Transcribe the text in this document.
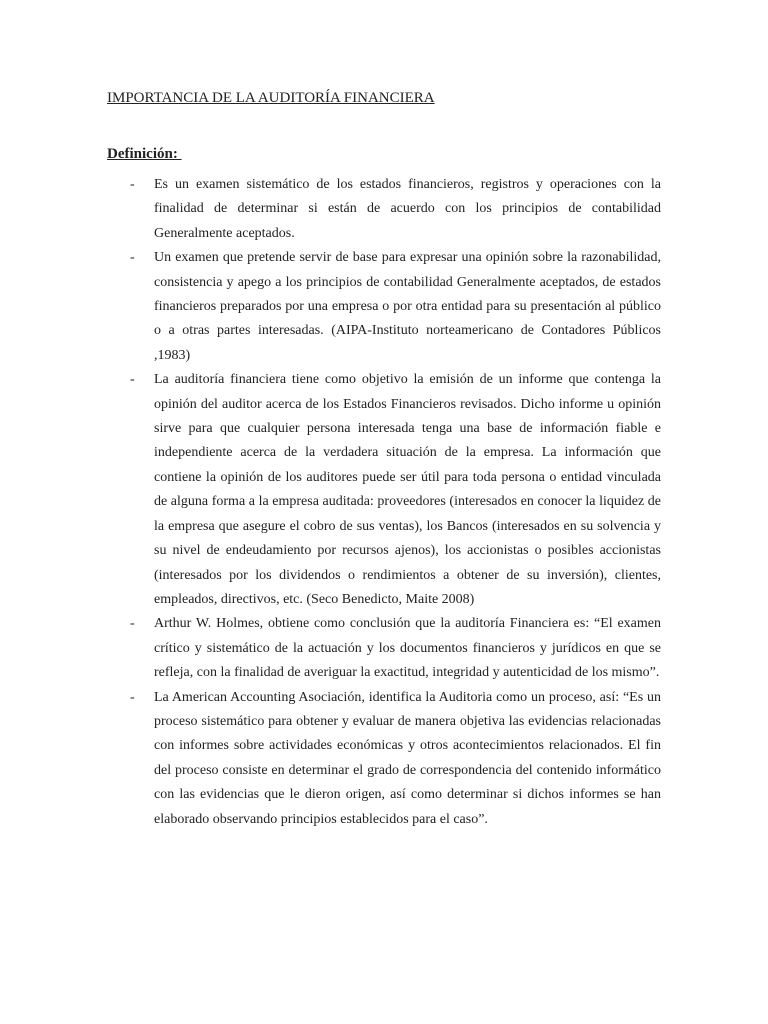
IMPORTANCIA DE LA AUDITORÍA FINANCIERA
Definición:
- Es un examen sistemático de los estados financieros, registros y operaciones con la finalidad de determinar si están de acuerdo con los principios de contabilidad Generalmente aceptados.
- Un examen que pretende servir de base para expresar una opinión sobre la razonabilidad, consistencia y apego a los principios de contabilidad Generalmente aceptados, de estados financieros preparados por una empresa o por otra entidad para su presentación al público o a otras partes interesadas. (AIPA-Instituto norteamericano de Contadores Públicos ,1983)
- La auditoría financiera tiene como objetivo la emisión de un informe que contenga la opinión del auditor acerca de los Estados Financieros revisados. Dicho informe u opinión sirve para que cualquier persona interesada tenga una base de información fiable e independiente acerca de la verdadera situación de la empresa. La información que contiene la opinión de los auditores puede ser útil para toda persona o entidad vinculada de alguna forma a la empresa auditada: proveedores (interesados en conocer la liquidez de la empresa que asegure el cobro de sus ventas), los Bancos (interesados en su solvencia y su nivel de endeudamiento por recursos ajenos), los accionistas o posibles accionistas (interesados por los dividendos o rendimientos a obtener de su inversión), clientes, empleados, directivos, etc. (Seco Benedicto, Maite 2008)
- Arthur W. Holmes, obtiene como conclusión que la auditoría Financiera es: “El examen crítico y sistemático de la actuación y los documentos financieros y jurídicos en que se refleja, con la finalidad de averiguar la exactitud, integridad y autenticidad de los mismo”.
- La American Accounting Asociación, identifica la Auditoria como un proceso, así: “Es un proceso sistemático para obtener y evaluar de manera objetiva las evidencias relacionadas con informes sobre actividades económicas y otros acontecimientos relacionados. El fin del proceso consiste en determinar el grado de correspondencia del contenido informático con las evidencias que le dieron origen, así como determinar si dichos informes se han elaborado observando principios establecidos para el caso”.
